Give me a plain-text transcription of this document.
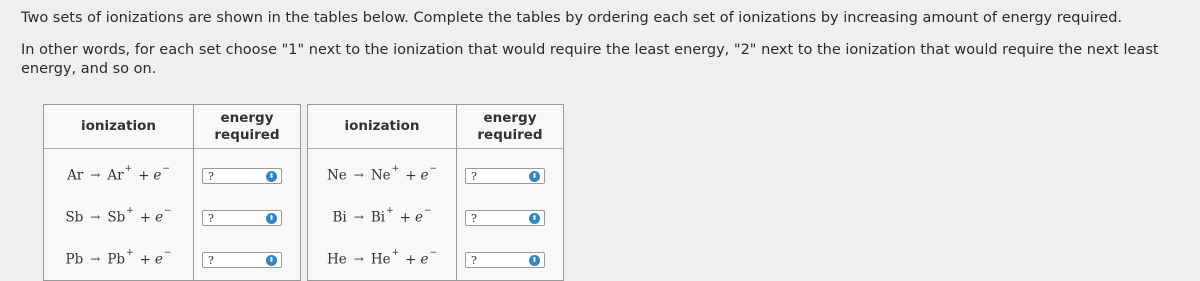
Two sets of ionizations are shown in the tables below. Complete the tables by ordering each set of ionizations by increasing amount of energy required.

In other words, for each set choose "1" next to the ionization that would require the least energy, "2" next to the ionization that would require the next least energy, and so on.

ionization	energy
required

Ar → Ar+ + e−	? ⬍

Sb → Sb+ + e−	? ⬍

Pb → Pb+ + e−	? ⬍
ionization	energy
required

Ne → Ne+ + e−	? ⬍

Bi → Bi+ + e−	? ⬍

He → He+ + e−	? ⬍
